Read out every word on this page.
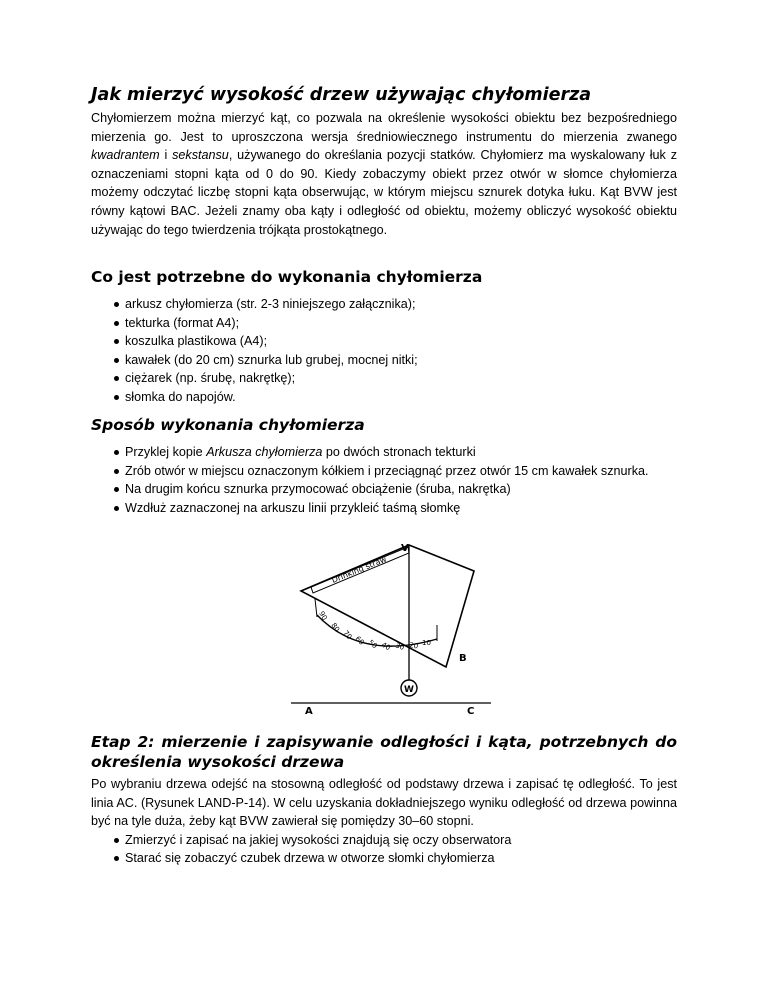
Jak mierzyć wysokość drzew używając chyłomierza

Chyłomierzem można mierzyć kąt, co pozwala na określenie wysokości obiektu bez bezpośredniego mierzenia go. Jest to uproszczona wersja średniowiecznego instrumentu do mierzenia zwanego kwadrantem i sekstansu, używanego do określania pozycji statków. Chyłomierz ma wyskalowany łuk z oznaczeniami stopni kąta od 0 do 90. Kiedy zobaczymy obiekt przez otwór w słomce chyłomierza możemy odczytać liczbę stopni kąta obserwując, w którym miejscu sznurek dotyka łuku. Kąt BVW jest równy kątowi BAC. Jeżeli znamy oba kąty i odległość od obiektu, możemy obliczyć wysokość obiektu używając do tego twierdzenia trójkąta prostokątnego.

Co jest potrzebne do wykonania chyłomierza
arkusz chyłomierza (str. 2-3 niniejszego załącznika);
tekturka (format A4);
koszulka plastikowa (A4);
kawałek (do 20 cm) sznurka lub grubej, mocnej nitki;
ciężarek (np. śrubę, nakrętkę);
słomka do napojów.
Sposób wykonania chyłomierza
Przyklej kopie Arkusza chyłomierza po dwóch stronach tekturki
Zrób otwór w miejscu oznaczonym kółkiem i przeciągnąć przez otwór 15 cm kawałek sznurka.
Na drugim końcu sznurka przymocować obciążenie (śruba, nakrętka)
Wzdłuż zaznaczonej na arkuszu linii przykleić taśmą słomkę
Drinking straw
90
80
70 60 50 40 30 20 10
V
B
W
A	C
Etap 2: mierzenie i zapisywanie odległości i kąta, potrzebnych do określenia wysokości drzewa

Po wybraniu drzewa odejść na stosowną odległość od podstawy drzewa i zapisać tę odległość. To jest linia AC. (Rysunek LAND-P-14). W celu uzyskania dokładniejszego wyniku odległość od drzewa powinna być na tyle duża, żeby kąt BVW zawierał się pomiędzy 30–60 stopni.

Zmierzyć i zapisać na jakiej wysokości znajdują się oczy obserwatora
Starać się zobaczyć czubek drzewa w otworze słomki chyłomierza
